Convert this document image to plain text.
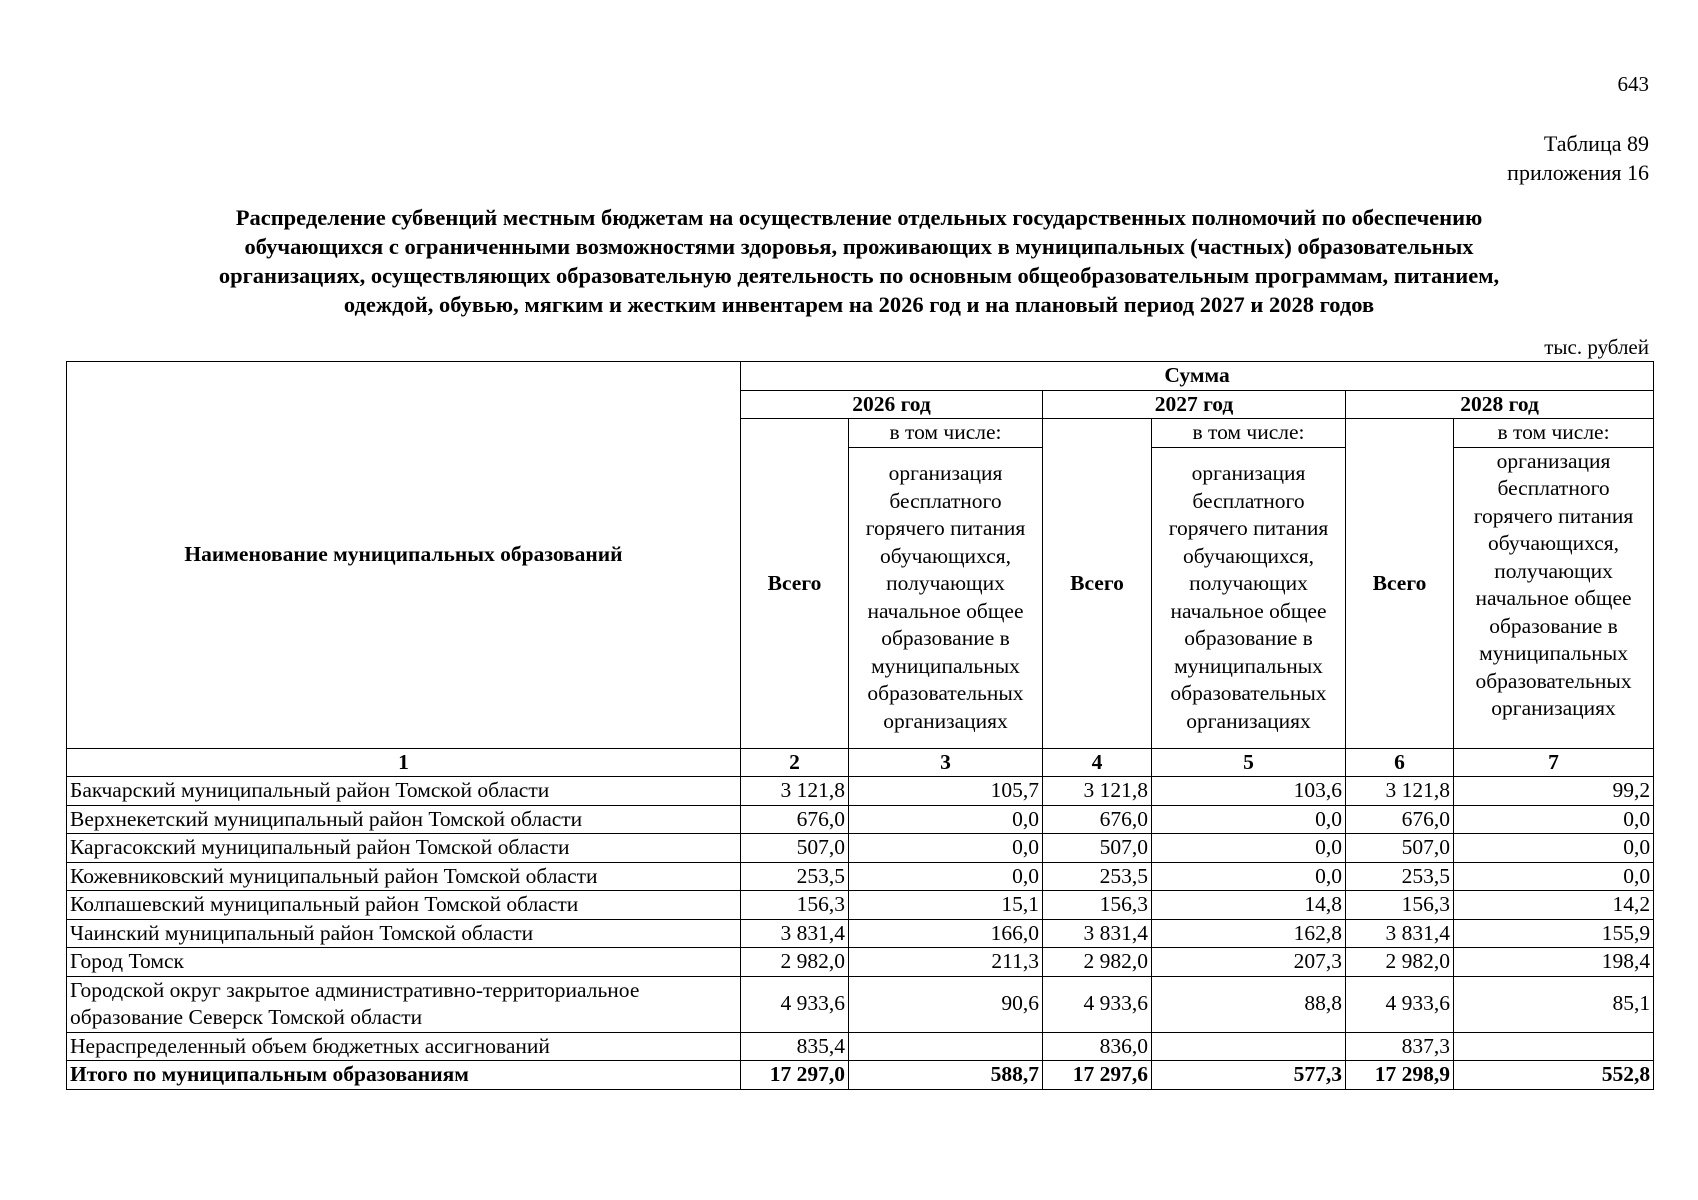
643
Таблица 89
приложения 16
Распределение субвенций местным бюджетам на осуществление отдельных государственных полномочий по обеспечению
обучающихся с ограниченными возможностями здоровья, проживающих в муниципальных (частных) образовательных
организациях, осуществляющих образовательную деятельность по основным общеобразовательным программам, питанием,
одеждой, обувью, мягким и жестким инвентарем на 2026 год и на плановый период 2027 и 2028 годов
тыс. рублей
Наименование муниципальных образований	Сумма					
	2026 год		2027 год		2028 год	
	Всего	в том числе:	Всего	в том числе:	Всего	в том числе:
		организация бесплатного горячего питания обучающихся, получающих начальное общее образование в муниципальных образовательных организациях		организация бесплатного горячего питания обучающихся, получающих начальное общее образование в муниципальных образовательных организациях		организация бесплатного горячего питания обучающихся, получающих начальное общее образование в муниципальных образовательных организациях
1	2	3	4	5	6	7
Бакчарский муниципальный район Томской области	3 121,8	105,7	3 121,8	103,6	3 121,8	99,2
Верхнекетский муниципальный район Томской области	676,0	0,0	676,0	0,0	676,0	0,0
Каргасокский муниципальный район Томской области	507,0	0,0	507,0	0,0	507,0	0,0
Кожевниковский муниципальный район Томской области	253,5	0,0	253,5	0,0	253,5	0,0
Колпашевский муниципальный район Томской области	156,3	15,1	156,3	14,8	156,3	14,2
Чаинский муниципальный район Томской области	3 831,4	166,0	3 831,4	162,8	3 831,4	155,9
Город Томск	2 982,0	211,3	2 982,0	207,3	2 982,0	198,4
Городской округ закрытое административно-территориальное образование Северск Томской области	4 933,6	90,6	4 933,6	88,8	4 933,6	85,1
Нераспределенный объем бюджетных ассигнований	835,4		836,0		837,3	
Итого по муниципальным образованиям	17 297,0	588,7	17 297,6	577,3	17 298,9	552,8
